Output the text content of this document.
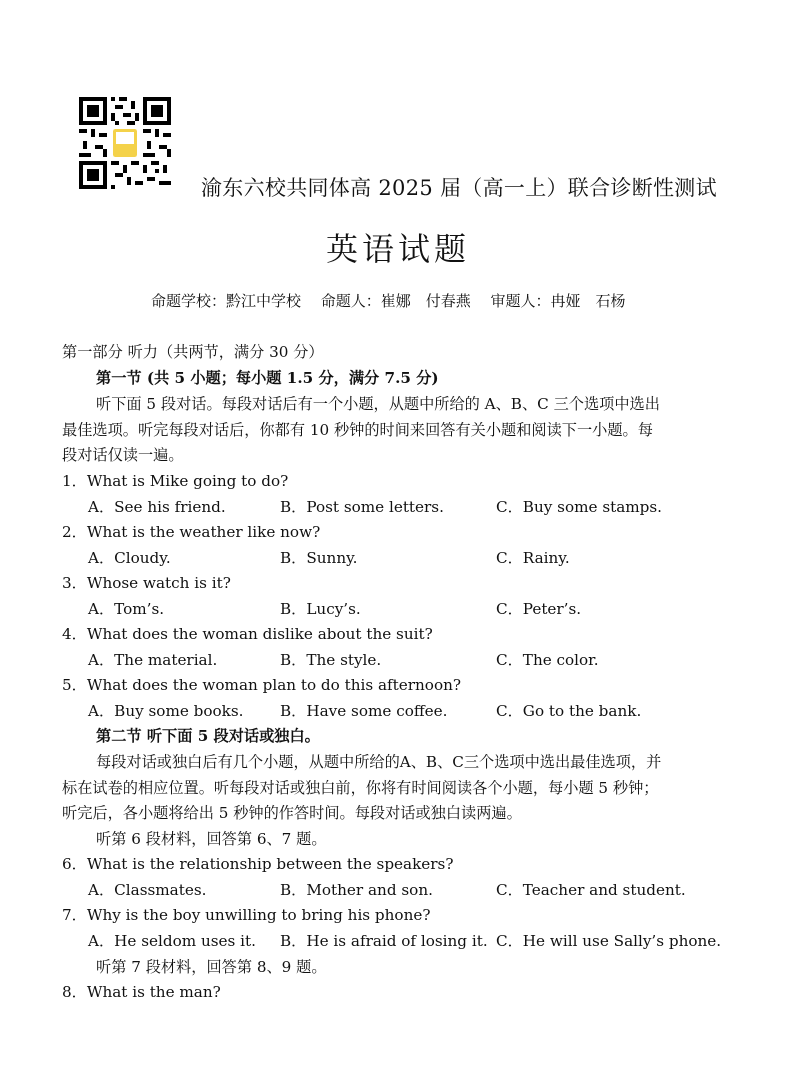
渝东六校共同体高 2025 届（高一上）联合诊断性测试
英语试题
命题学校：黔江中学校　 命题人：崔娜　付春燕　 审题人：冉娅　石杨
第一部分 听力（共两节，满分 30 分）
第一节 (共 5 小题；每小题 1.5 分，满分 7.5 分)
听下面 5 段对话。每段对话后有一个小题，从题中所给的 A、B、C 三个选项中选出
最佳选项。听完每段对话后，你都有 10 秒钟的时间来回答有关小题和阅读下一小题。每
段对话仅读一遍。
1．What is Mike going to do?
A．See his friend.	B．Post some letters.	C．Buy some stamps.
2．What is the weather like now?
A．Cloudy.	B．Sunny.	C．Rainy.
3．Whose watch is it?
A．Tom’s.	B．Lucy’s.	C．Peter’s.
4．What does the woman dislike about the suit?
A．The material.	B．The style.	C．The color.
5．What does the woman plan to do this afternoon?
A．Buy some books. B．Have some coffee.	C．Go to the bank.
第二节 听下面 5 段对话或独白。
每段对话或独白后有几个小题，从题中所给的A、B、C三个选项中选出最佳选项，并
标在试卷的相应位置。听每段对话或独白前，你将有时间阅读各个小题，每小题 5 秒钟；
听完后，各小题将给出 5 秒钟的作答时间。每段对话或独白读两遍。
听第 6 段材料，回答第 6、7 题。
6．What is the relationship between the speakers?
A．Classmates.	B．Mother and son.	C．Teacher and student.
7．Why is the boy unwilling to bring his phone?
A．He seldom uses it. B．He is afraid of losing it. C．He will use Sally’s phone.
听第 7 段材料，回答第 8、9 题。
8．What is the man?
